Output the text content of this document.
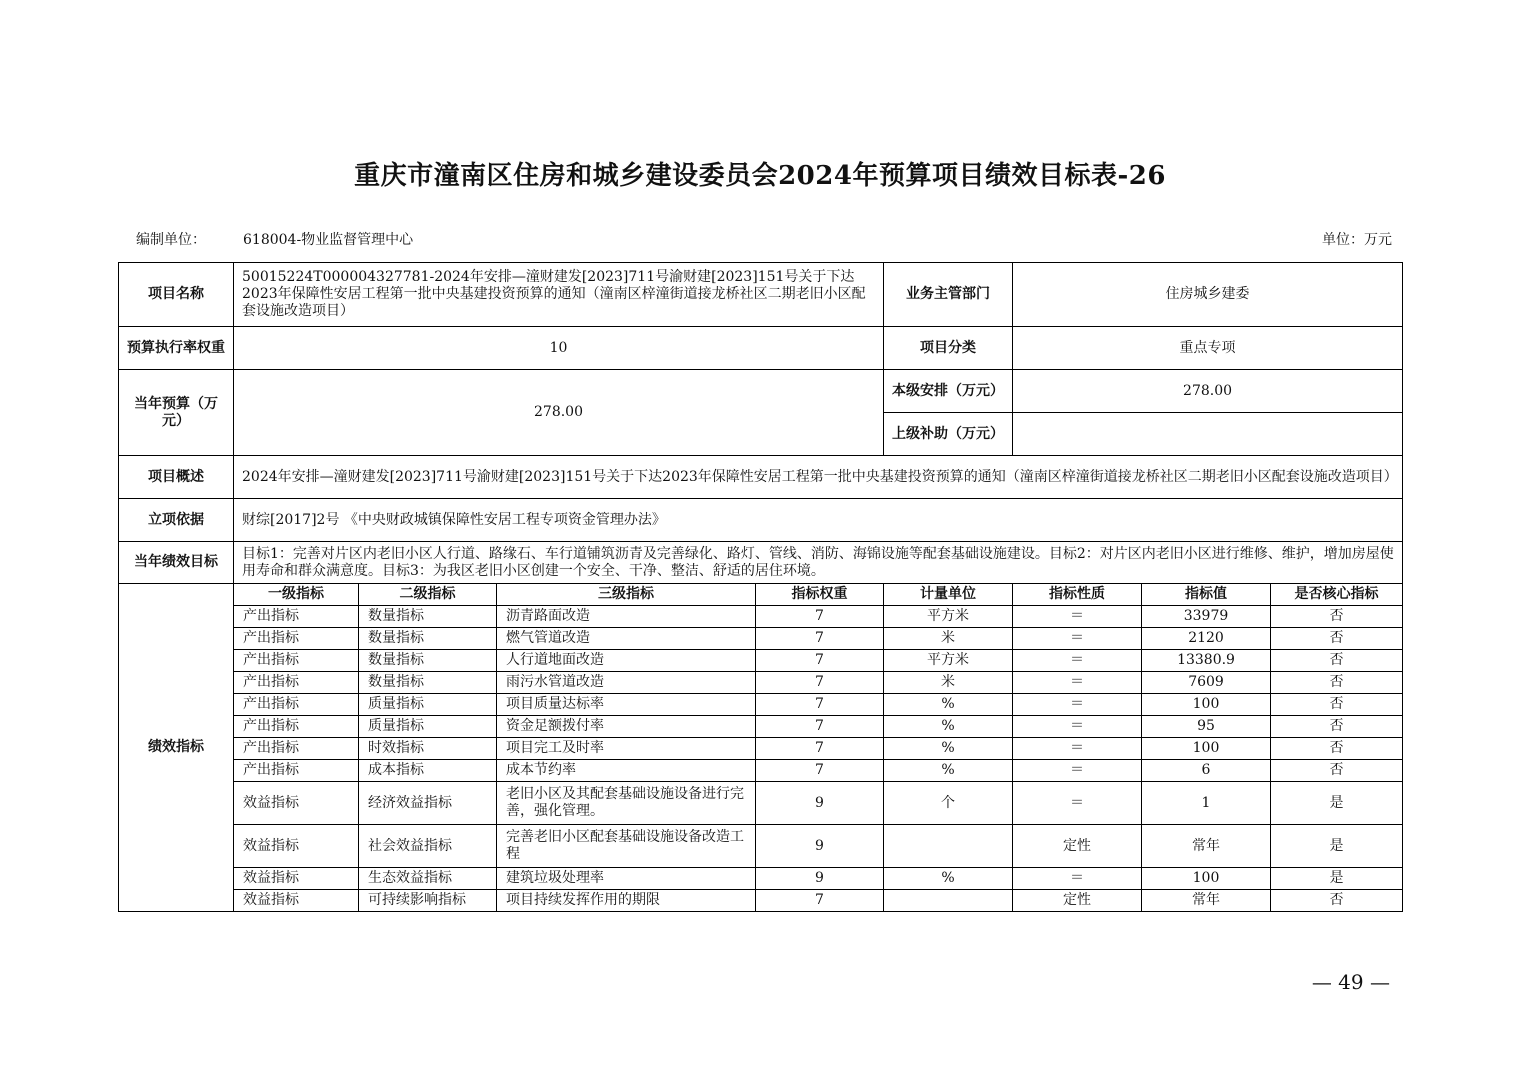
重庆市潼南区住房和城乡建设委员会2024年预算项目绩效目标表-26
编制单位：	618004-物业监督管理中心	单位：万元
项目名称	50015224T000004327781-2024年安排—潼财建发[2023]711号渝财建[2023]151号关于下达2023年保障性安居工程第一批中央基建投资预算的通知（潼南区梓潼街道接龙桥社区二期老旧小区配套设施改造项目）				业务主管部门	住房城乡建委		
预算执行率权重	10				项目分类	重点专项		
当年预算（万元）	278.00				本级安排（万元）	278.00		
					上级补助（万元）			
项目概述	2024年安排—潼财建发[2023]711号渝财建[2023]151号关于下达2023年保障性安居工程第一批中央基建投资预算的通知（潼南区梓潼街道接龙桥社区二期老旧小区配套设施改造项目）							
立项依据	财综[2017]2号 《中央财政城镇保障性安居工程专项资金管理办法》							
当年绩效目标	目标1：完善对片区内老旧小区人行道、路缘石、车行道铺筑沥青及完善绿化、路灯、管线、消防、海锦设施等配套基础设施建设。目标2：对片区内老旧小区进行维修、维护，增加房屋使用寿命和群众满意度。目标3：为我区老旧小区创建一个安全、干净、整洁、舒适的居住环境。							
绩效指标	一级指标	二级指标	三级指标	指标权重	计量单位	指标性质	指标值	是否核心指标
	产出指标	数量指标	沥青路面改造	7	平方米	＝	33979	否
	产出指标	数量指标	燃气管道改造	7	米	＝	2120	否
	产出指标	数量指标	人行道地面改造	7	平方米	＝	13380.9	否
	产出指标	数量指标	雨污水管道改造	7	米	＝	7609	否
	产出指标	质量指标	项目质量达标率	7	%	＝	100	否
	产出指标	质量指标	资金足额拨付率	7	%	＝	95	否
	产出指标	时效指标	项目完工及时率	7	%	＝	100	否
	产出指标	成本指标	成本节约率	7	%	＝	6	否
	效益指标	经济效益指标	老旧小区及其配套基础设施设备进行完善，强化管理。	9	个	＝	1	是
	效益指标	社会效益指标	完善老旧小区配套基础设施设备改造工程	9		定性	常年	是
	效益指标	生态效益指标	建筑垃圾处理率	9	%	＝	100	是
	效益指标	可持续影响指标	项目持续发挥作用的期限	7		定性	常年	否
— 49 —
